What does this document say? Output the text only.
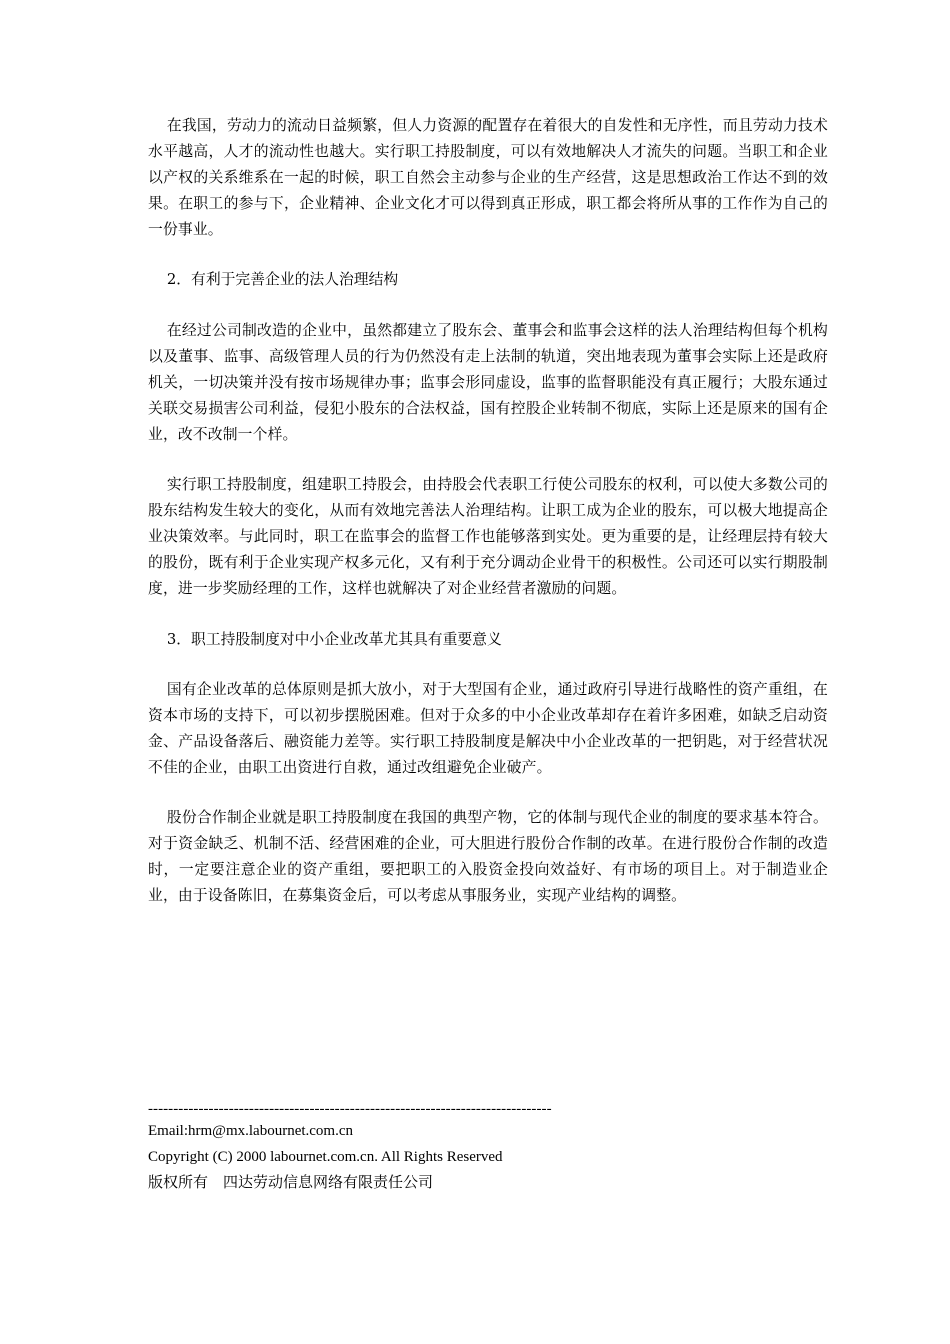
在我国，劳动力的流动日益频繁，但人力资源的配置存在着很大的自发性和无序性，而且劳动力技术水平越高，人才的流动性也越大。实行职工持股制度，可以有效地解决人才流失的问题。当职工和企业以产权的关系维系在一起的时候，职工自然会主动参与企业的生产经营，这是思想政治工作达不到的效果。在职工的参与下，企业精神、企业文化才可以得到真正形成，职工都会将所从事的工作作为自己的一份事业。

2．有利于完善企业的法人治理结构

在经过公司制改造的企业中，虽然都建立了股东会、董事会和监事会这样的法人治理结构但每个机构以及董事、监事、高级管理人员的行为仍然没有走上法制的轨道，突出地表现为董事会实际上还是政府机关，一切决策并没有按市场规律办事；监事会形同虚设，监事的监督职能没有真正履行；大股东通过关联交易损害公司利益，侵犯小股东的合法权益，国有控股企业转制不彻底，实际上还是原来的国有企业，改不改制一个样。

实行职工持股制度，组建职工持股会，由持股会代表职工行使公司股东的权利，可以使大多数公司的股东结构发生较大的变化，从而有效地完善法人治理结构。让职工成为企业的股东，可以极大地提高企业决策效率。与此同时，职工在监事会的监督工作也能够落到实处。更为重要的是，让经理层持有较大的股份，既有利于企业实现产权多元化，又有利于充分调动企业骨干的积极性。公司还可以实行期股制度，进一步奖励经理的工作，这样也就解决了对企业经营者激励的问题。

3．职工持股制度对中小企业改革尤其具有重要意义

国有企业改革的总体原则是抓大放小，对于大型国有企业，通过政府引导进行战略性的资产重组，在资本市场的支持下，可以初步摆脱困难。但对于众多的中小企业改革却存在着许多困难，如缺乏启动资金、产品设备落后、融资能力差等。实行职工持股制度是解决中小企业改革的一把钥匙，对于经营状况不佳的企业，由职工出资进行自救，通过改组避免企业破产。

股份合作制企业就是职工持股制度在我国的典型产物，它的体制与现代企业的制度的要求基本符合。对于资金缺乏、机制不活、经营困难的企业，可大胆进行股份合作制的改革。在进行股份合作制的改造时，一定要注意企业的资产重组，要把职工的入股资金投向效益好、有市场的项目上。对于制造业企业，由于设备陈旧，在募集资金后，可以考虑从事服务业，实现产业结构的调整。

--------------------------------------------------------------------------------
Email:hrm@mx.labournet.com.cn
Copyright (C) 2000 labournet.com.cn. All Rights Reserved
版权所有　四达劳动信息网络有限责任公司
